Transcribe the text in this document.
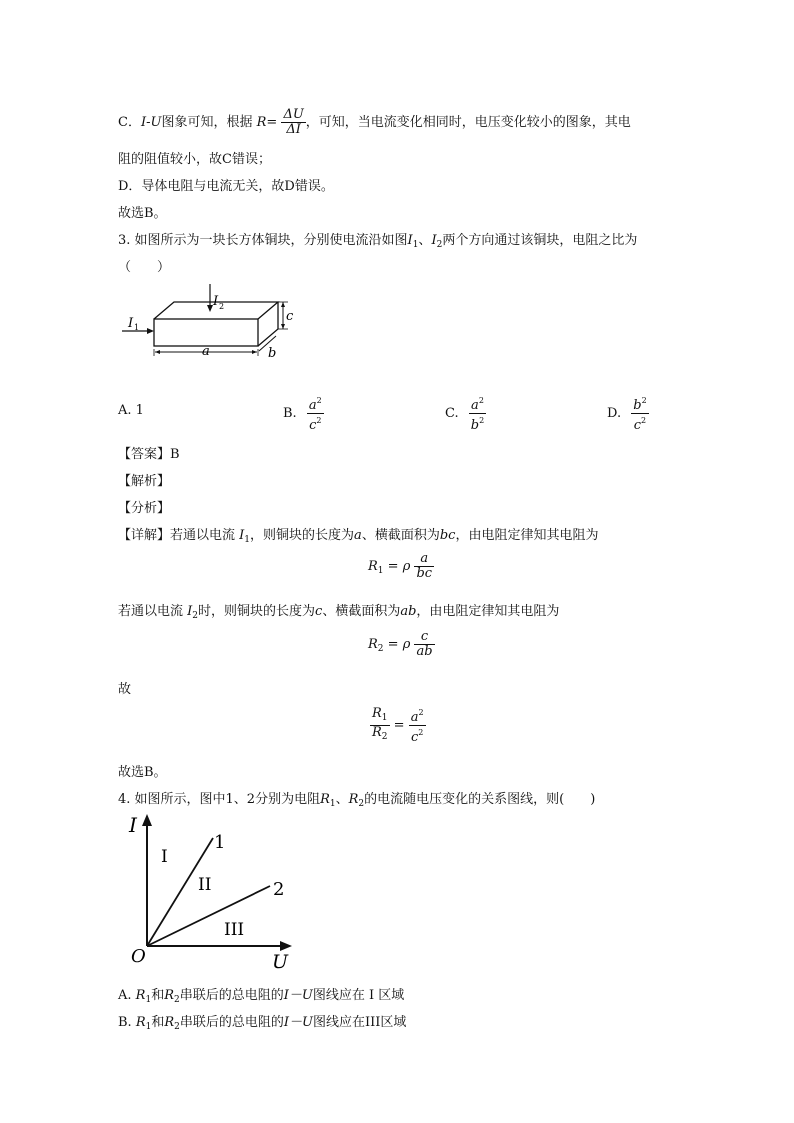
C．I-U图象可知，根据 $R= \frac{\Delta U}{\Delta I}$ ，可知，当电流变化相同时，电压变化较小的图象，其电
阻的阻值较小，故C错误；
D．导体电阻与电流无关，故D错误。
故选B。
3. 如图所示为一块长方体铜块，分别使电流沿如图$I_1$、$I_2$两个方向通过该铜块，电阻之比为
（　　）
I 1
I 2
c
a	b
A. 1	B. $\frac{a^2}{c^2}$	C. $\frac{a^2}{b^2}$	D. $\frac{b^2}{c^2}$
【答案】B
【解析】
【分析】
【详解】若通以电流 $I_1$，则铜块的长度为a、横截面积为bc，由电阻定律知其电阻为
$R_1 = \rho \frac{a}{bc}$
若通以电流 $I_2$时，则铜块的长度为c、横截面积为ab，由电阻定律知其电阻为
$R_2 = \rho \frac{c}{ab}$
故
$\frac{R_1}{R_2} = \frac{a^2}{c^2}$
故选B。
4. 如图所示，图中1、2分别为电阻$R_1$、$R_2$的电流随电压变化的关系图线，则(　　)
I
U
O
1
2
I
II
III
A. $R_1$和$R_2$串联后的总电阻的I－U图线应在 I 区域
B. $R_1$和$R_2$串联后的总电阻的I－U图线应在III区域
